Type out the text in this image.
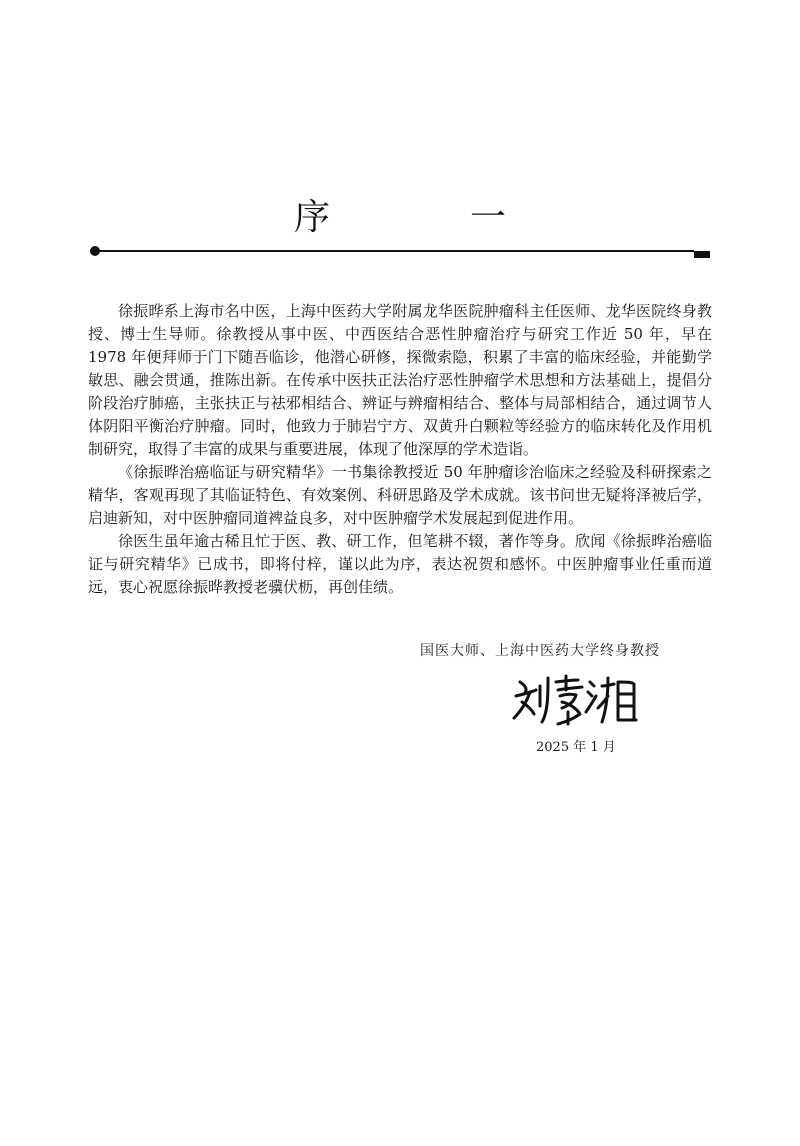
序　一

徐振晔系上海市名中医，上海中医药大学附属龙华医院肿瘤科主任医师、龙华医院终身教授、博士生导师。徐教授从事中医、中西医结合恶性肿瘤治疗与研究工作近 50 年，早在 1978 年便拜师于门下随吾临诊，他潜心研修，探微索隐，积累了丰富的临床经验，并能勤学敏思、融会贯通，推陈出新。在传承中医扶正法治疗恶性肿瘤学术思想和方法基础上，提倡分阶段治疗肺癌，主张扶正与祛邪相结合、辨证与辨瘤相结合、整体与局部相结合，通过调节人体阴阳平衡治疗肿瘤。同时，他致力于肺岩宁方、双黄升白颗粒等经验方的临床转化及作用机制研究，取得了丰富的成果与重要进展，体现了他深厚的学术造诣。

《徐振晔治癌临证与研究精华》一书集徐教授近 50 年肿瘤诊治临床之经验及科研探索之精华，客观再现了其临证特色、有效案例、科研思路及学术成就。该书问世无疑将泽被后学，启迪新知，对中医肿瘤同道裨益良多，对中医肿瘤学术发展起到促进作用。

徐医生虽年逾古稀且忙于医、教、研工作，但笔耕不辍，著作等身。欣闻《徐振晔治癌临证与研究精华》已成书，即将付梓，谨以此为序，表达祝贺和感怀。中医肿瘤事业任重而道远，衷心祝愿徐振晔教授老骥伏枥，再创佳绩。

国医大师、上海中医药大学终身教授
2025 年 1 月
